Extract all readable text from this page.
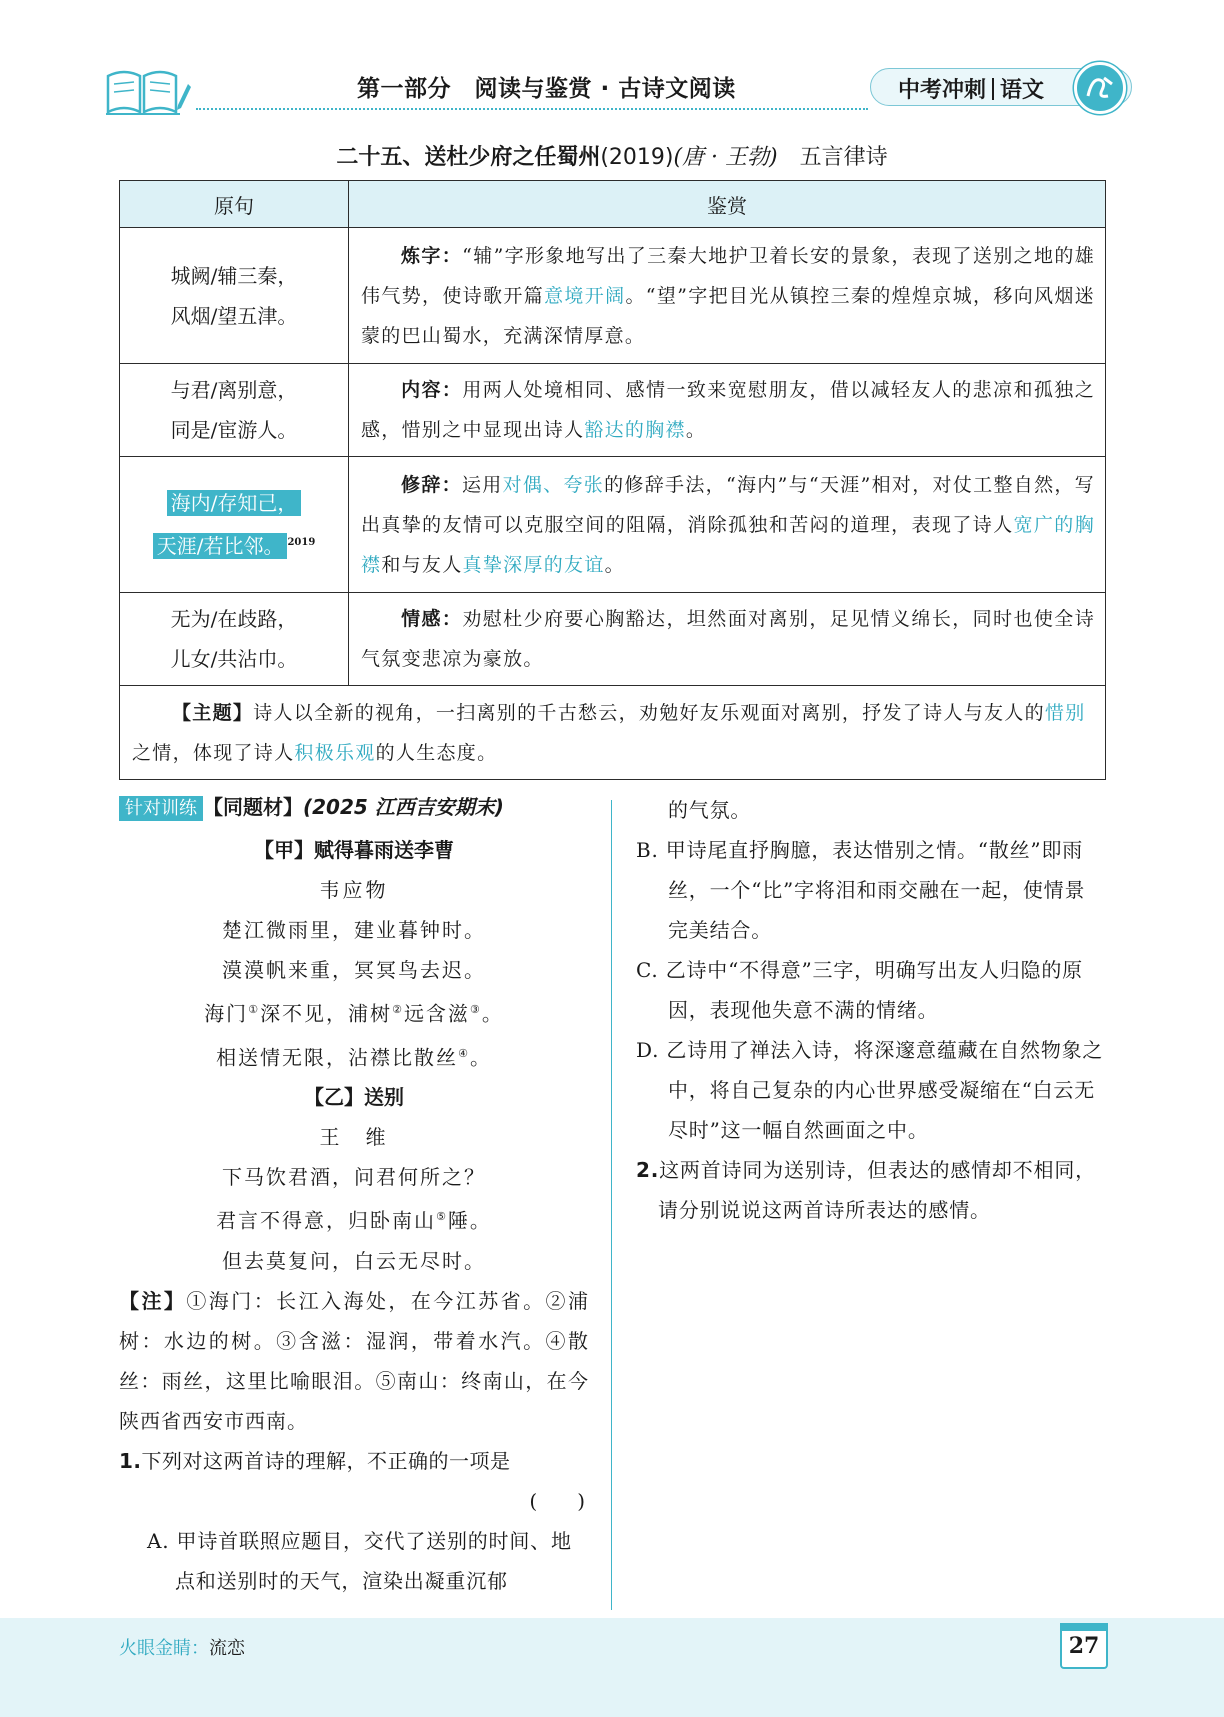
第一部分　阅读与鉴赏 · 古诗文阅读	中考冲刺 语文
二十五、送杜少府之任蜀州(2019)(唐 · 王勃)　 五言律诗
原句	鉴赏

城阙/辅三秦，
风烟/望五津。	炼字：“辅”字形象地写出了三秦大地护卫着长安的景象，表现了送别之地的雄伟气势，使诗歌开篇意境开阔。“望”字把目光从镇控三秦的煌煌京城，移向风烟迷蒙的巴山蜀水，充满深情厚意。

与君/离别意，
同是/宦游人。	内容：用两人处境相同、感情一致来宽慰朋友，借以减轻友人的悲凉和孤独之感，惜别之中显现出诗人豁达的胸襟。

海内/存知己，
天涯/若比邻。 $^{2019}$	修辞：运用对偶、夸张的修辞手法，“海内”与“天涯”相对，对仗工整自然，写出真挚的友情可以克服空间的阻隔，消除孤独和苦闷的道理，表现了诗人宽广的胸襟和与友人真挚深厚的友谊。

无为/在歧路，
儿女/共沾巾。	情感：劝慰杜少府要心胸豁达，坦然面对离别，足见情义绵长，同时也使全诗气氛变悲凉为豪放。
【主题】诗人以全新的视角，一扫离别的千古愁云，劝勉好友乐观面对离别，抒发了诗人与友人的惜别之情，体现了诗人积极乐观的人生态度。	
针对训练 【同题材】(2025 江西吉安期末)
【甲】赋得暮雨送李曹
韦应物
楚江微雨里，建业暮钟时。
漠漠帆来重，冥冥鸟去迟。
海门①深不见，浦树②远含滋③。
相送情无限，沾襟比散丝④。
【乙】送别
王　维
下马饮君酒，问君何所之？
君言不得意，归卧南山⑤陲。
但去莫复问，白云无尽时。
【注】①海门：长江入海处，在今江苏省。②浦树：水边的树。③含滋：湿润，带着水汽。④散丝：雨丝，这里比喻眼泪。⑤南山：终南山，在今陕西省西安市西南。
1.下列对这两首诗的理解，不正确的一项是
(　　)
A. 甲诗首联照应题目，交代了送别的时间、地点和送别时的天气，渲染出凝重沉郁
的气氛。
B. 甲诗尾直抒胸臆，表达惜别之情。“散丝”即雨丝，一个“比”字将泪和雨交融在一起，使情景完美结合。
C. 乙诗中“不得意”三字，明确写出友人归隐的原因，表现他失意不满的情绪。
D. 乙诗用了禅法入诗，将深邃意蕴藏在自然物象之中，将自己复杂的内心世界感受凝缩在“白云无尽时”这一幅自然画面之中。
2.这两首诗同为送别诗，但表达的感情却不相同，请分别说说这两首诗所表达的感情。
火眼金睛：流恋	27
